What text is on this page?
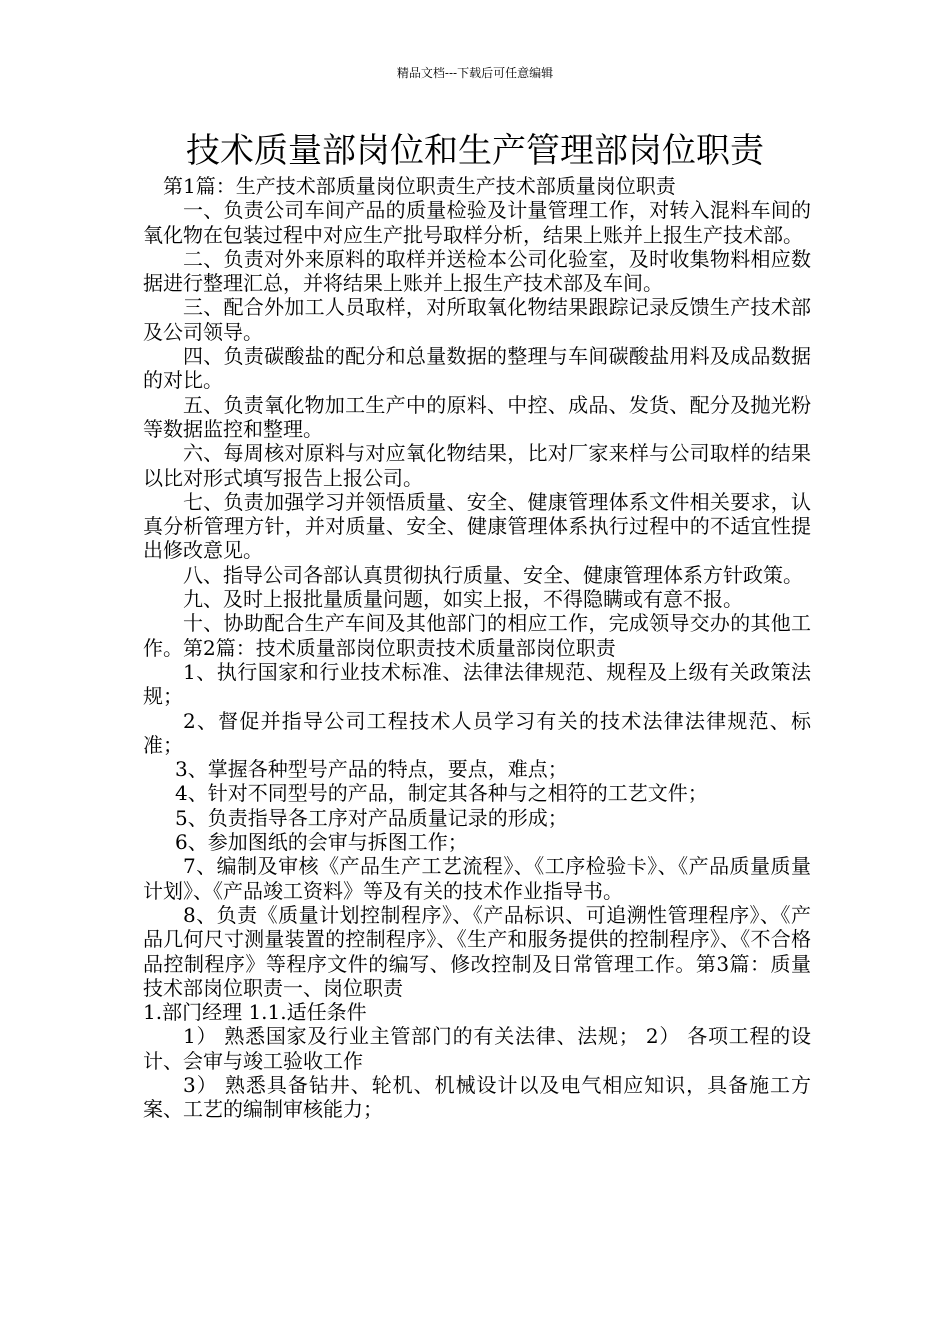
精品文档---下载后可任意编辑
技术质量部岗位和生产管理部岗位职责

第1篇：生产技术部质量岗位职责生产技术部质量岗位职责

一、负责公司车间产品的质量检验及计量管理工作，对转入混料车间的氧化物在包装过程中对应生产批号取样分析，结果上账并上报生产技术部。

二、负责对外来原料的取样并送检本公司化验室，及时收集物料相应数据进行整理汇总，并将结果上账并上报生产技术部及车间。

三、配合外加工人员取样，对所取氧化物结果跟踪记录反馈生产技术部及公司领导。

四、负责碳酸盐的配分和总量数据的整理与车间碳酸盐用料及成品数据的对比。

五、负责氧化物加工生产中的原料、中控、成品、发货、配分及抛光粉等数据监控和整理。

六、每周核对原料与对应氧化物结果，比对厂家来样与公司取样的结果以比对形式填写报告上报公司。

七、负责加强学习并领悟质量、安全、健康管理体系文件相关要求，认真分析管理方针，并对质量、安全、健康管理体系执行过程中的不适宜性提出修改意见。

八、指导公司各部认真贯彻执行质量、安全、健康管理体系方针政策。

九、及时上报批量质量问题，如实上报，不得隐瞒或有意不报。

十、协助配合生产车间及其他部门的相应工作，完成领导交办的其他工作。第2篇：技术质量部岗位职责技术质量部岗位职责

1、执行国家和行业技术标准、法律法律规范、规程及上级有关政策法规；

2、督促并指导公司工程技术人员学习有关的技术法律法律规范、标准；

3、掌握各种型号产品的特点，要点，难点；

4、针对不同型号的产品，制定其各种与之相符的工艺文件；

5、负责指导各工序对产品质量记录的形成；

6、参加图纸的会审与拆图工作；

7、编制及审核《产品生产工艺流程》、《工序检验卡》、《产品质量质量计划》、《产品竣工资料》等及有关的技术作业指导书。

8、负责《质量计划控制程序》、《产品标识、可追溯性管理程序》、《产品几何尺寸测量装置的控制程序》、《生产和服务提供的控制程序》、《不合格品控制程序》等程序文件的编写、修改控制及日常管理工作。第3篇：质量技术部岗位职责一、岗位职责

1.部门经理 1.1.适任条件

1） 熟悉国家及行业主管部门的有关法律、法规； 2） 各项工程的设计、会审与竣工验收工作

3） 熟悉具备钻井、轮机、机械设计以及电气相应知识，具备施工方案、工艺的编制审核能力；
